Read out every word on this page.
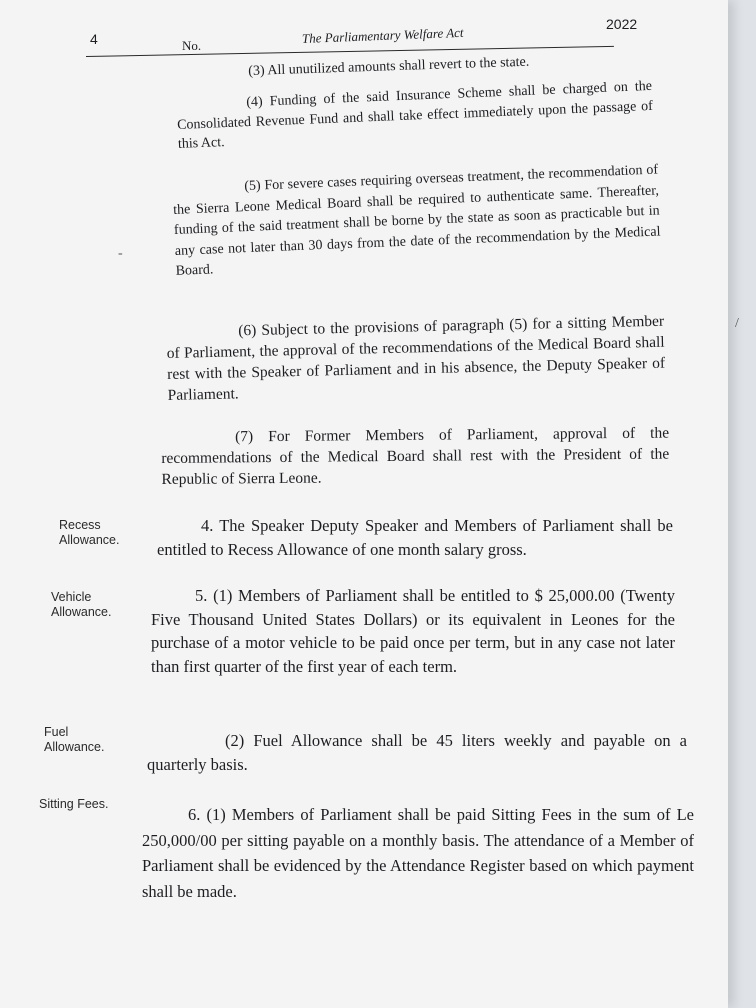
4	No.	The Parliamentary Welfare Act
2022
(3) All unutilized amounts shall revert to the state.
(4) Funding of the said Insurance Scheme shall be charged on the Consolidated Revenue Fund and shall take effect immediately upon the passage of this Act.
(5) For severe cases requiring overseas treatment, the recommendation of the Sierra Leone Medical Board shall be required to authenticate same. Thereafter, funding of the said treatment shall be borne by the state as soon as practicable but in any case not later than 30 days from the date of the recommendation by the Medical Board.
(6) Subject to the provisions of paragraph (5) for a sitting Member of Parliament, the approval of the recommendations of the Medical Board shall rest with the Speaker of Parliament and in his absence, the Deputy Speaker of Parliament.
(7) For Former Members of Parliament, approval of the recommendations of the Medical Board shall rest with the President of the Republic of Sierra Leone.
Recess Allowance.
4. The Speaker Deputy Speaker and Members of Parliament shall be entitled to Recess Allowance of one month salary gross.
Vehicle Allowance.
5. (1) Members of Parliament shall be entitled to $ 25,000.00 (Twenty Five Thousand United States Dollars) or its equivalent in Leones for the purchase of a motor vehicle to be paid once per term, but in any case not later than first quarter of the first year of each term.
Fuel Allowance.	(2) Fuel Allowance shall be 45 liters weekly and payable on a quarterly basis.
Sitting Fees.
6. (1) Members of Parliament shall be paid Sitting Fees in the sum of Le 250,000/00 per sitting payable on a monthly basis. The attendance of a Member of Parliament shall be evidenced by the Attendance Register based on which payment shall be made.
-
/
